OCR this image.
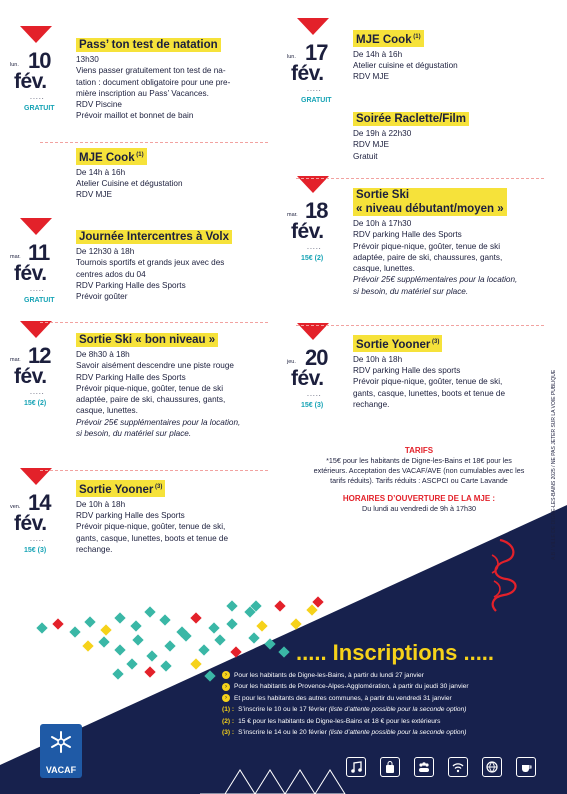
lun. 10
fév.
.....
GRATUIT
Pass’ ton test de natation
13h30
Viens passer gratuitement ton test de na-
tation : document obligatoire pour une pre-
mière inscription au Pass’ Vacances.
RDV Piscine
Prévoir maillot et bonnet de bain
MJE Cook $^{(1)}$
De 14h à 16h
Atelier Cuisine et dégustation
RDV MJE
mar. 11
fév.
.....
GRATUIT
Journée Intercentres à Volx
De 12h30 à 18h
Tournois sportifs et grands jeux avec des
centres ados du 04
RDV Parking Halle des Sports
Prévoir goûter
mar. 12
fév.
.....
15€ (2)
Sortie Ski « bon niveau »
De 8h30 à 18h
Savoir aisément descendre une piste rouge
RDV Parking Halle des Sports
Prévoir pique-nique, goûter, tenue de ski
adaptée, paire de ski, chaussures, gants,
casque, lunettes.
Prévoir 25€ supplémentaires pour la location,
si besoin, du matériel sur place.
ven. 14
fév.
.....
15€ (3)
Sortie Yooner $^{(3)}$
De 10h à 18h
RDV parking Halle des Sports
Prévoir pique-nique, goûter, tenue de ski,
gants, casque, lunettes, boots et tenue de
rechange.
lun. 17
fév.
.....
GRATUIT
MJE Cook $^{(1)}$
De 14h à 16h
Atelier cuisine et dégustation
RDV MJE
Soirée Raclette/Film
De 19h à 22h30
RDV MJE
Gratuit
mar. 18
fév.
.....
15€ (2)
Sortie Ski
« niveau débutant/moyen »
De 10h à 17h30
RDV parking Halle des Sports
Prévoir pique-nique, goûter, tenue de ski
adaptée, paire de ski, chaussures, gants,
casque, lunettes.
Prévoir 25€ supplémentaires pour la location,
si besoin, du matériel sur place.
jeu. 20
fév.
.....
15€ (3)
Sortie Yooner $^{(3)}$
De 10h à 18h
RDV parking Halle des sports
Prévoir pique-nique, goûter, tenue de ski,
gants, casque, lunettes, boots et tenue de
rechange.
TARIFS
*15€ pour les habitants de Digne-les-Bains et 18€ pour les
extérieurs. Acceptation des VACAF/AVE (non cumulables avec les
tarifs réduits). Tarifs réduits : ASCPCI ou Carte Lavande
HORAIRES D’OUVERTURE DE LA MJE :
Du lundi au vendredi de 9h à 17h30	A.B / VILLE DE DIGNE-LES-BAINS 2025 / NE PAS JETER SUR LA VOIE PUBLIQUE
..... Inscriptions .....
› Pour les habitants de Digne-les-Bains, à partir du lundi 27 janvier
› Pour les habitants de Provence-Alpes-Agglomération, à partir du jeudi 30 janvier
› Et pour les habitants des autres communes, à partir du vendredi 31 janvier
(1) : S’inscrire le 10 ou le 17 février (liste d’attente possible pour la seconde option)
(2) : 15 € pour les habitants de Digne-les-Bains et 18 € pour les extérieurs
(3) : S’inscrire le 14 ou le 20 février (liste d’attente possible pour la seconde option)
VACAF
